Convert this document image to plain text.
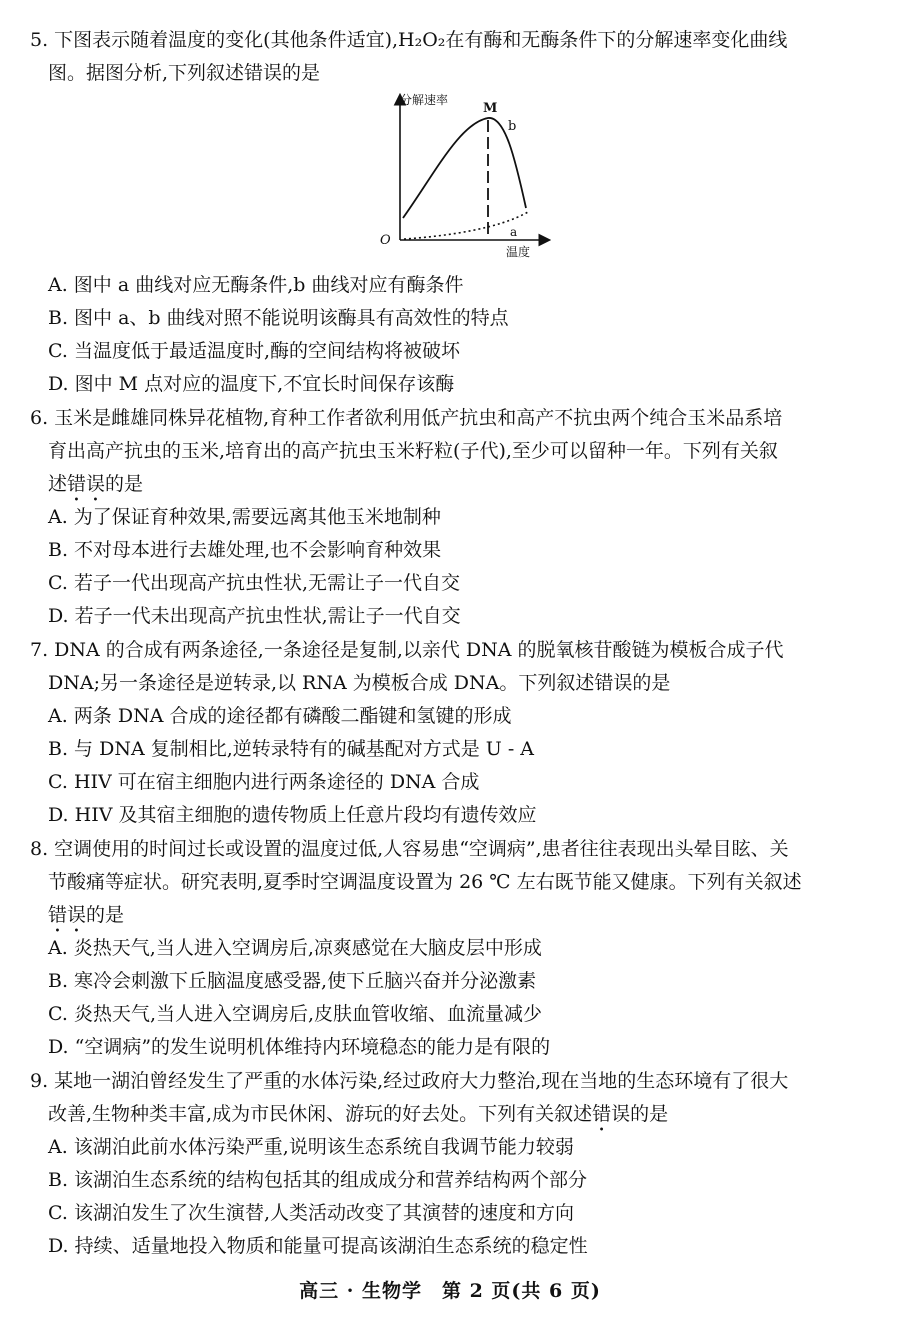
5. 下图表示随着温度的变化(其他条件适宜),H₂O₂在有酶和无酶条件下的分解速率变化曲线
图。据图分析,下列叙述错误的是
分解速率
O
M
b
a
温度
A. 图中 a 曲线对应无酶条件,b 曲线对应有酶条件
B. 图中 a、b 曲线对照不能说明该酶具有高效性的特点
C. 当温度低于最适温度时,酶的空间结构将被破坏
D. 图中 M 点对应的温度下,不宜长时间保存该酶
6. 玉米是雌雄同株异花植物,育种工作者欲利用低产抗虫和高产不抗虫两个纯合玉米品系培
育出高产抗虫的玉米,培育出的高产抗虫玉米籽粒(子代),至少可以留种一年。下列有关叙
述错误的是
A. 为了保证育种效果,需要远离其他玉米地制种
B. 不对母本进行去雄处理,也不会影响育种效果
C. 若子一代出现高产抗虫性状,无需让子一代自交
D. 若子一代未出现高产抗虫性状,需让子一代自交
7. DNA 的合成有两条途径,一条途径是复制,以亲代 DNA 的脱氧核苷酸链为模板合成子代
DNA;另一条途径是逆转录,以 RNA 为模板合成 DNA。下列叙述错误的是
A. 两条 DNA 合成的途径都有磷酸二酯键和氢键的形成
B. 与 DNA 复制相比,逆转录特有的碱基配对方式是 U - A
C. HIV 可在宿主细胞内进行两条途径的 DNA 合成
D. HIV 及其宿主细胞的遗传物质上任意片段均有遗传效应
8. 空调使用的时间过长或设置的温度过低,人容易患“空调病”,患者往往表现出头晕目眩、关
节酸痛等症状。研究表明,夏季时空调温度设置为 26 ℃ 左右既节能又健康。下列有关叙述
错误的是
A. 炎热天气,当人进入空调房后,凉爽感觉在大脑皮层中形成
B. 寒冷会刺激下丘脑温度感受器,使下丘脑兴奋并分泌激素
C. 炎热天气,当人进入空调房后,皮肤血管收缩、血流量减少
D. “空调病”的发生说明机体维持内环境稳态的能力是有限的
9. 某地一湖泊曾经发生了严重的水体污染,经过政府大力整治,现在当地的生态环境有了很大
改善,生物种类丰富,成为市民休闲、游玩的好去处。下列有关叙述错误的是
A. 该湖泊此前水体污染严重,说明该生态系统自我调节能力较弱
B. 该湖泊生态系统的结构包括其的组成成分和营养结构两个部分
C. 该湖泊发生了次生演替,人类活动改变了其演替的速度和方向
D. 持续、适量地投入物质和能量可提高该湖泊生态系统的稳定性
高三 · 生物学　第 2 页(共 6 页)
